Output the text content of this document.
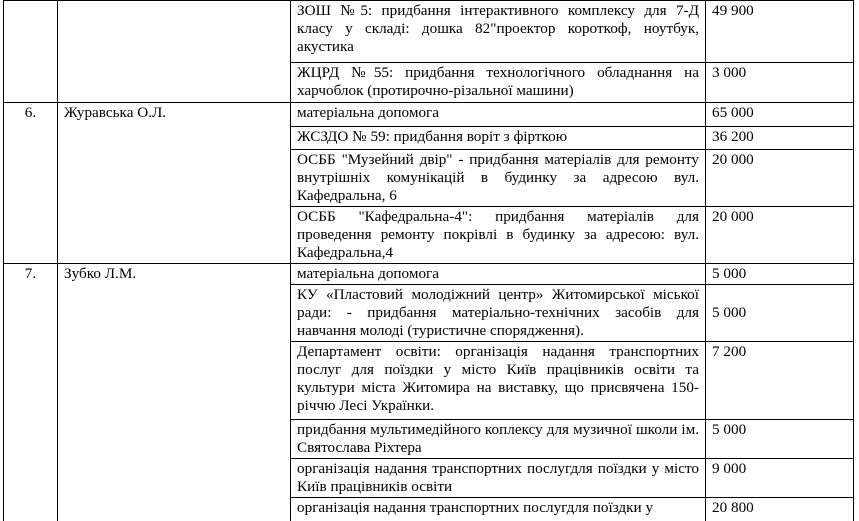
		ЗОШ №5: придбання інтерактивного комплексу для 7-Д класу у складі: дошка 82"проектор короткоф, ноутбук, акустика	49 900
		ЖЦРД №55: придбання технологічного обладнання на харчоблок (протирочно-різальної машини)	3 000
6.	Журавська О.Л.	матеріальна допомога	65 000
		ЖСЗДО № 59: придбання воріт з фірткою	36 200
		ОСББ "Музейний двір" - придбання матеріалів для ремонту внутрішніх комунікацій в будинку за адресою вул. Кафедральна, 6	20 000
		ОСББ "Кафедральна-4": придбання матеріалів для проведення ремонту покрівлі в будинку за адресою: вул. Кафедральна,4	20 000
7.	Зубко Л.М.	матеріальна допомога	5 000
		КУ «Пластовий молодіжний центр» Житомирської міської ради: - придбання матеріально-технічних засобів для навчання молоді (туристичне спорядження).	5 000
		Департамент освіти: організація надання транспортних послуг для поїздки у місто Київ працівників освіти та культури міста Житомира на виставку, що присвячена 150-річчю Лесі Українки.	7 200
		придбання мультимедійного коплексу для музичної школи ім. Святослава Ріхтера	5 000
		організація надання транспортних послугдля поїздки у місто Київ працівників освіти	9 000
		організація надання транспортних послугдля поїздки у	20 800
